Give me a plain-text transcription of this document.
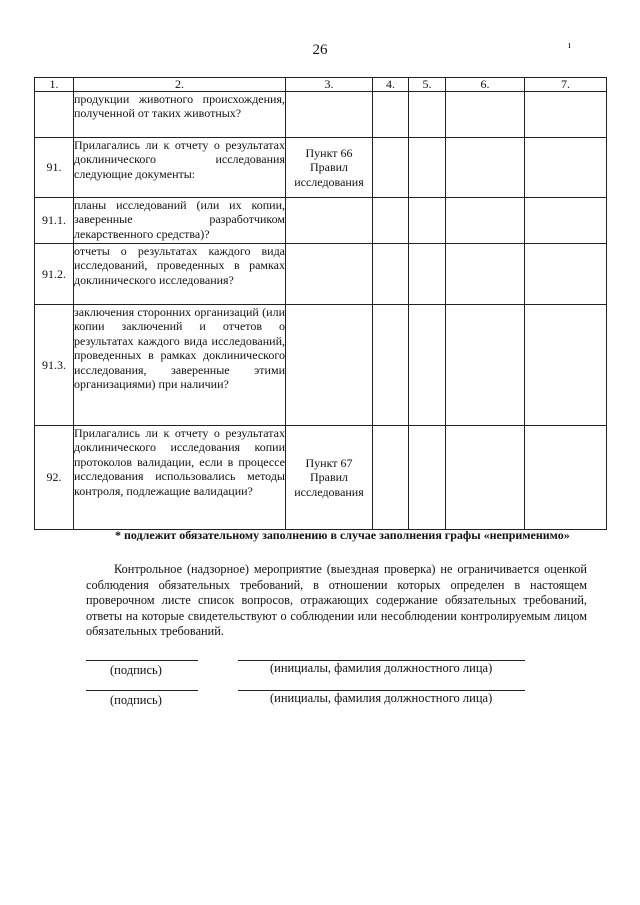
26	ı
1.	2.	3.	4.	5.	6.	7.
	продукции животного происхождения, полученной от таких животных?					
91.	Прилагались ли к отчету о результатах доклинического исследования следующие документы:	Пункт 66 Правил исследования				
91.1.	планы исследований (или их копии, заверенные разработчиком лекарственного средства)?					
91.2.	отчеты о результатах каждого вида исследований, проведенных в рамках доклинического исследования?					
91.3.	заключения сторонних организаций (или копии заключений и отчетов о результатах каждого вида исследований, проведенных в рамках доклинического исследования, заверенные этими организациями) при наличии?					
92.	Прилагались ли к отчету о результатах доклинического исследования копии протоколов валидации, если в процессе исследования использовались методы контроля, подлежащие валидации?	Пункт 67 Правил исследования				
* подлежит обязательному заполнению в случае заполнения графы «неприменимо»

Контрольное (надзорное) мероприятие (выездная проверка) не ограничивается оценкой соблюдения обязательных требований, в отношении которых определен в настоящем проверочном листе список вопросов, отражающих содержание обязательных требований, ответы на которые свидетельствуют о соблюдении или несоблюдении контролируемым лицом обязательных требований.

(подпись)	(инициалы, фамилия должностного лица)
(подпись)	(инициалы, фамилия должностного лица)
